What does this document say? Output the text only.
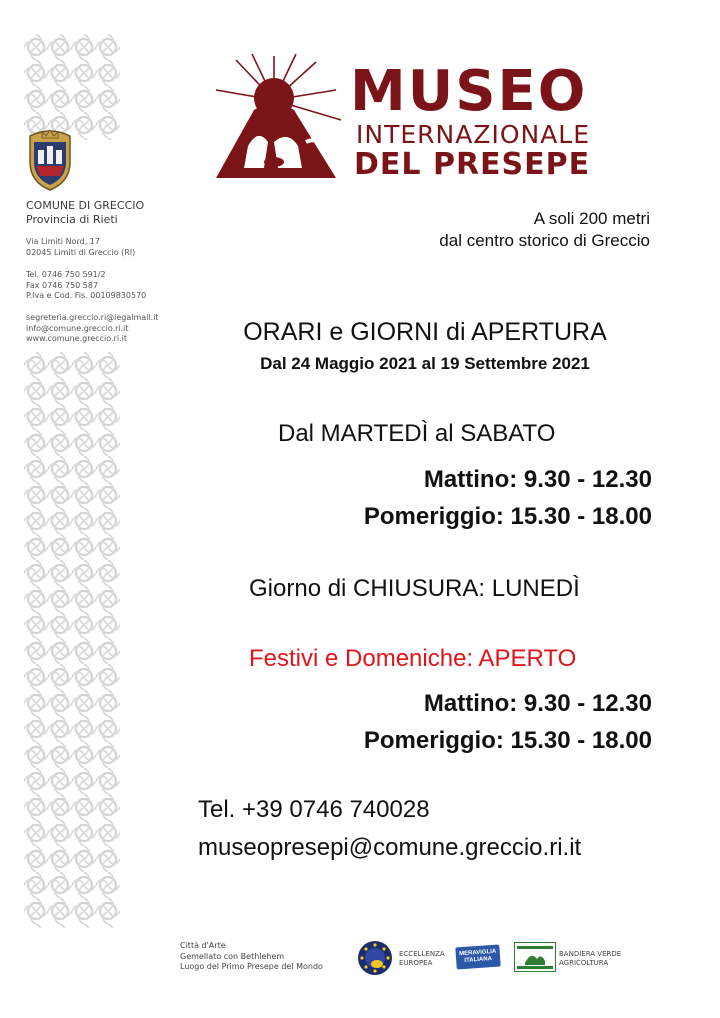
COMUNE DI GRECCIO
Provincia di Rieti
Via Limiti Nord, 17
02045 Limiti di Greccio (RI)
Tel. 0746 750 591/2
Fax 0746 750 587
P.Iva e Cod. Fis. 00109830570
segreteria.greccio.ri@legalmail.it
info@comune.greccio.ri.it
www.comune.greccio.ri.it
MUSEO
INTERNAZIONALE
DEL PRESEPE
A soli 200 metri
dal centro storico di Greccio
ORARI e GIORNI di APERTURA
Dal 24 Maggio 2021 al 19 Settembre 2021
Dal MARTEDÌ al SABATO
Mattino: 9.30 - 12.30
Pomeriggio: 15.30 - 18.00
Giorno di CHIUSURA: LUNEDÌ
Festivi e Domeniche: APERTO
Mattino: 9.30 - 12.30
Pomeriggio: 15.30 - 18.00
Tel. +39 0746 740028
museopresepi@comune.greccio.ri.it
Città d'Arte
Gemellato con Bethlehem
Luogo del Primo Presepe del Mondo
ECCELLENZA
EUROPEA
MERAVIGLIA ITALIANA
BANDIERA VERDE
AGRICOLTURA
